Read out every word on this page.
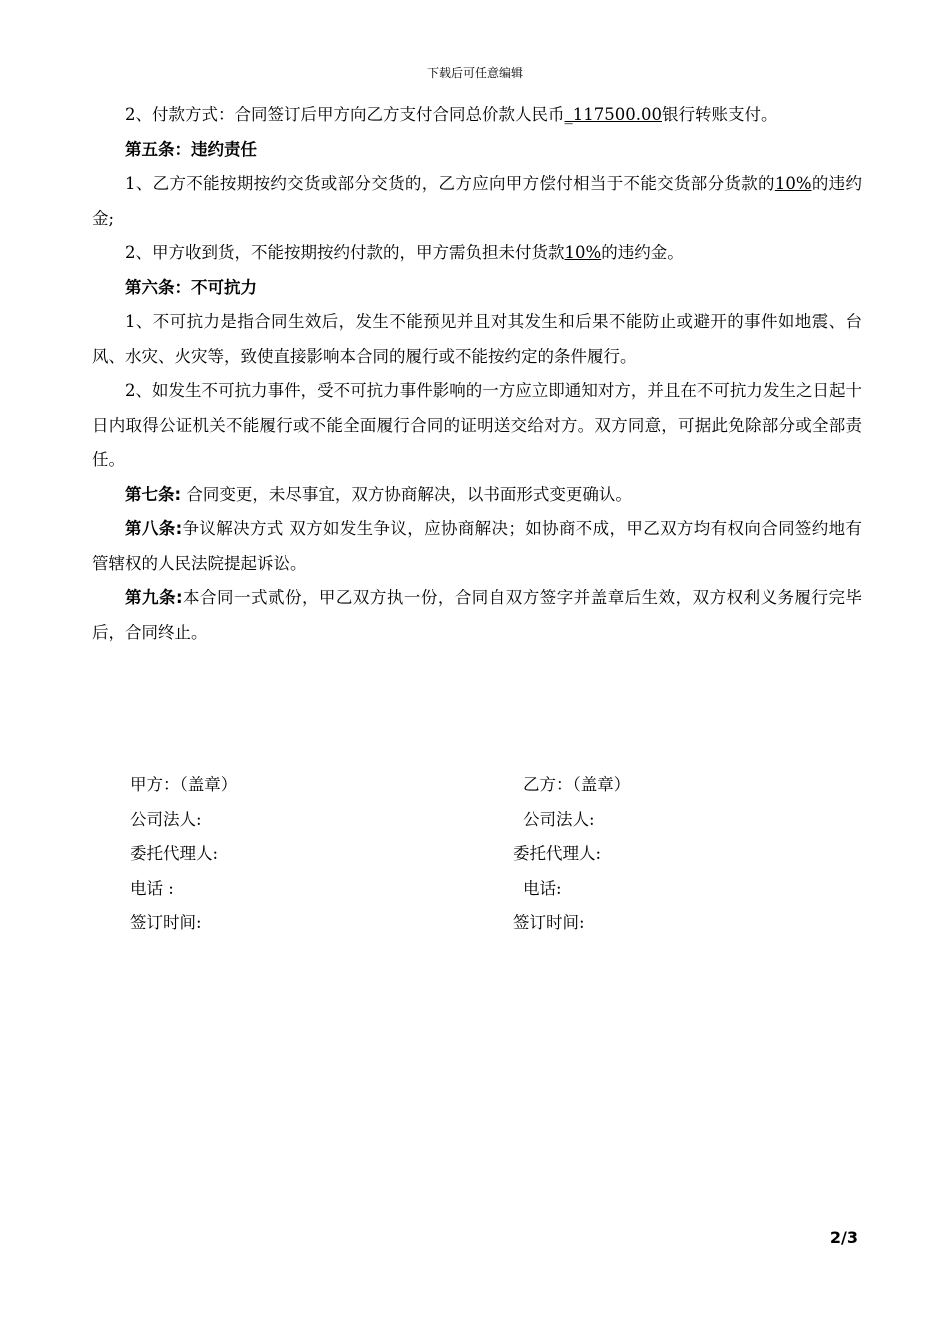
下载后可任意编辑

2、付款方式：合同签订后甲方向乙方支付合同总价款人民币_117500.00银行转账支付。

第五条：违约责任

1、乙方不能按期按约交货或部分交货的，乙方应向甲方偿付相当于不能交货部分货款的10%的违约金;

2、甲方收到货，不能按期按约付款的，甲方需负担未付货款10%的违约金。

第六条：不可抗力

1、不可抗力是指合同生效后，发生不能预见并且对其发生和后果不能防止或避开的事件如地震、台风、水灾、火灾等，致使直接影响本合同的履行或不能按约定的条件履行。

2、如发生不可抗力事件，受不可抗力事件影响的一方应立即通知对方，并且在不可抗力发生之日起十日内取得公证机关不能履行或不能全面履行合同的证明送交给对方。双方同意，可据此免除部分或全部责任。

第七条: 合同变更，未尽事宜，双方协商解决，以书面形式变更确认。

第八条:争议解决方式 双方如发生争议，应协商解决；如协商不成，甲乙双方均有权向合同签约地有管辖权的人民法院提起诉讼。

第九条:本合同一式贰份，甲乙双方执一份，合同自双方签字并盖章后生效，双方权利义务履行完毕后，合同终止。

甲方：（盖章）
公司法人:
委托代理人:
电话 :
签订时间:
乙方：（盖章）
公司法人:
委托代理人:
电话:
签订时间:
2/3
